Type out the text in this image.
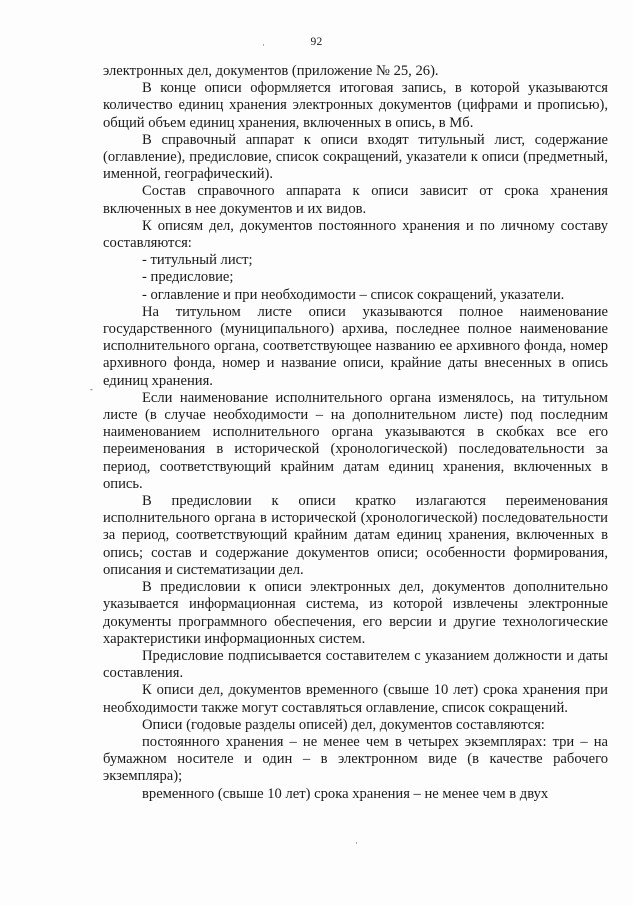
92
·
-
·

электронных дел, документов (приложение № 25, 26).

В конце описи оформляется итоговая запись, в которой указываются количество единиц хранения электронных документов (цифрами и прописью), общий объем единиц хранения, включенных в опись, в Мб.

В справочный аппарат к описи входят титульный лист, содержание (оглавление), предисловие, список сокращений, указатели к описи (предметный, именной, географический).

Состав справочного аппарата к описи зависит от срока хранения включенных в нее документов и их видов.

К описям дел, документов постоянного хранения и по личному составу составляются:

- титульный лист;

- предисловие;

- оглавление и при необходимости – список сокращений, указатели.

На титульном листе описи указываются полное наименование государственного (муниципального) архива, последнее полное наименование исполнительного органа, соответствующее названию ее архивного фонда, номер архивного фонда, номер и название описи, крайние даты внесенных в опись единиц хранения.

Если наименование исполнительного органа изменялось, на титульном листе (в случае необходимости – на дополнительном листе) под последним наименованием исполнительного органа указываются в скобках все его переименования в исторической (хронологической) последовательности за период, соответствующий крайним датам единиц хранения, включенных в опись.

В предисловии к описи кратко излагаются переименования исполнительного органа в исторической (хронологической) последовательности за период, соответствующий крайним датам единиц хранения, включенных в опись; состав и содержание документов описи; особенности формирования, описания и систематизации дел.

В предисловии к описи электронных дел, документов дополнительно указывается информационная система, из которой извлечены электронные документы программного обеспечения, его версии и другие технологические характеристики информационных систем.

Предисловие подписывается составителем с указанием должности и даты составления.

К описи дел, документов временного (свыше 10 лет) срока хранения при необходимости также могут составляться оглавление, список сокращений.

Описи (годовые разделы описей) дел, документов составляются:

постоянного хранения – не менее чем в четырех экземплярах: три – на бумажном носителе и один – в электронном виде (в качестве рабочего экземпляра);

временного (свыше 10 лет) срока хранения – не менее чем в двух
